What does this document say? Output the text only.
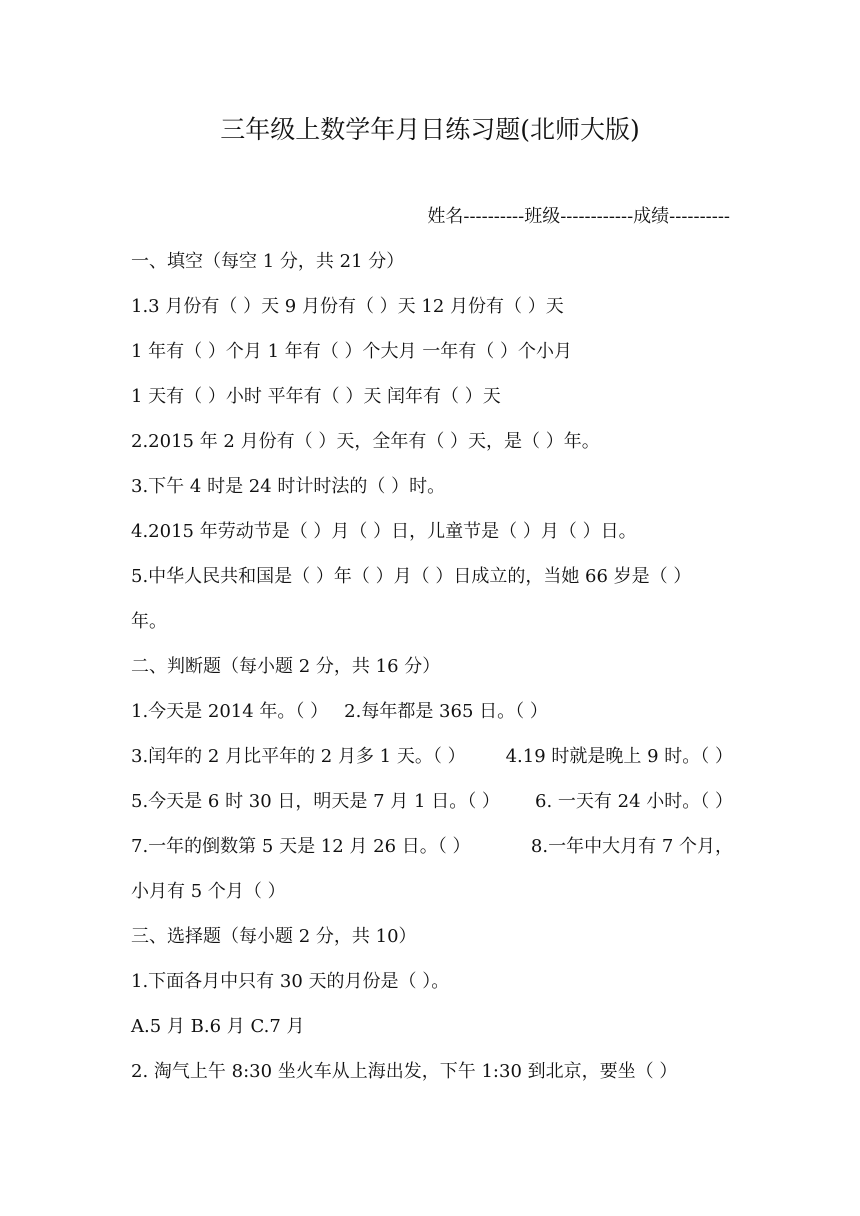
三年级上数学年月日练习题(北师大版)
姓名----------班级------------成绩----------
一、填空（每空 1 分，共 21 分）
1.3 月份有（ ）天 9 月份有（ ）天 12 月份有（ ）天
1 年有（ ）个月 1 年有（ ）个大月 一年有（ ）个小月
1 天有（ ）小时 平年有（ ）天 闰年有（ ）天
2.2015 年 2 月份有（ ）天，全年有（ ）天，是（ ）年。
3.下午 4 时是 24 时计时法的（ ）时。
4.2015 年劳动节是（ ）月（ ）日，儿童节是（ ）月（ ）日。
5.中华人民共和国是（ ）年（ ）月（ ）日成立的，当她 66 岁是（ ）
年。
二、判断题（每小题 2 分，共 16 分）
1.今天是 2014 年。（ ） 2.每年都是 365 日。（ ）
3.闰年的 2 月比平年的 2 月多 1 天。（ ） 4.19 时就是晚上 9 时。（ ）
5.今天是 6 时 30 日，明天是 7 月 1 日。（ ） 6. 一天有 24 小时。（ ）
7.一年的倒数第 5 天是 12 月 26 日。（ ）	8.一年中大月有 7 个月，
小月有 5 个月（ ）
三、选择题（每小题 2 分，共 10）
1.下面各月中只有 30 天的月份是（ ）。
A.5 月 B.6 月 C.7 月
2. 淘气上午 8:30 坐火车从上海出发，下午 1:30 到北京，要坐（ ）
